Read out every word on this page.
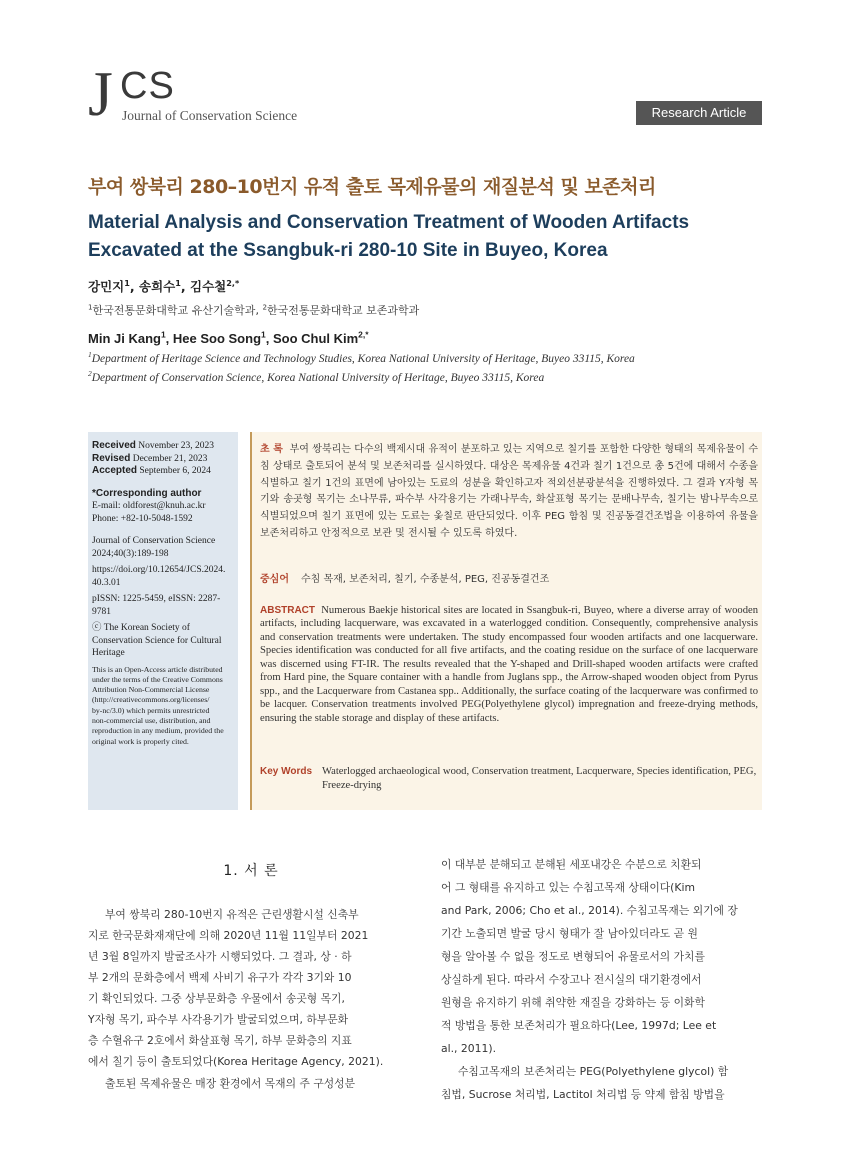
J CS
Journal of Conservation Science	Research Article
부여 쌍북리 280–10번지 유적 출토 목제유물의 재질분석 및 보존처리
Material Analysis and Conservation Treatment of Wooden Artifacts Excavated at the Ssangbuk-ri 280-10 Site in Buyeo, Korea
강민지$^1$, 송희수$^1$, 김수철$^{2,*}$
$^1$한국전통문화대학교 유산기술학과, $^2$한국전통문화대학교 보존과학과
Min Ji Kang$^1$, Hee Soo Song$^1$, Soo Chul Kim$^{2,*}$
$^1$Department of Heritage Science and Technology Studies, Korea National University of Heritage, Buyeo 33115, Korea
$^2$Department of Conservation Science, Korea National University of Heritage, Buyeo 33115, Korea
Received November 23, 2023
Revised December 21, 2023
Accepted September 6, 2024
*Corresponding author
E-mail: oldforest@knuh.ac.kr
Phone: +82-10-5048-1592
Journal of Conservation Science
2024;40(3):189-198
https://doi.org/10.12654/JCS.2024.
40.3.01
pISSN: 1225-5459, eISSN: 2287-9781
ⓒ The Korean Society of
Conservation Science for Cultural
Heritage
This is an Open-Access article distributed
under the terms of the Creative Commons
Attribution Non-Commercial License
(http://creativecommons.org/licenses/
by-nc/3.0) which permits unrestricted
non-commercial use, distribution, and
reproduction in any medium, provided the
original work is properly cited.
초 록 부여 쌍북리는 다수의 백제시대 유적이 분포하고 있는 지역으로 칠기를 포함한 다양한 형태의 목제유물이 수침 상태로 출토되어 분석 및 보존처리를 실시하였다. 대상은 목제유물 4건과 칠기 1건으로 총 5건에 대해서 수종을 식별하고 칠기 1건의 표면에 남아있는 도료의 성분을 확인하고자 적외선분광분석을 진행하였다. 그 결과 Y자형 목기와 송곳형 목기는 소나무류, 파수부 사각용기는 가래나무속, 화살표형 목기는 문배나무속, 칠기는 밤나무속으로 식별되었으며 칠기 표면에 있는 도료는 옻칠로 판단되었다. 이후 PEG 함침 및 진공동결건조법을 이용하여 유물을 보존처리하고 안정적으로 보관 및 전시될 수 있도록 하였다.
중심어 수침 목재, 보존처리, 칠기, 수종분석, PEG, 진공동결건조
ABSTRACT Numerous Baekje historical sites are located in Ssangbuk-ri, Buyeo, where a diverse array of wooden artifacts, including lacquerware, was excavated in a waterlogged condition. Consequently, comprehensive analysis and conservation treatments were undertaken. The study encompassed four wooden artifacts and one lacquerware. Species identification was conducted for all five artifacts, and the coating residue on the surface of one lacquerware was discerned using FT-IR. The results revealed that the Y-shaped and Drill-shaped wooden artifacts were crafted from Hard pine, the Square container with a handle from Juglans spp., the Arrow-shaped wooden object from Pyrus spp., and the Lacquerware from Castanea spp.. Additionally, the surface coating of the lacquerware was confirmed to be lacquer. Conservation treatments involved PEG(Polyethylene glycol) impregnation and freeze-drying methods, ensuring the stable storage and display of these artifacts.
Key Words Waterlogged archaeological wood, Conservation treatment, Lacquerware, Species identification, PEG, Freeze-drying
1. 서 론
부여 쌍북리 280-10번지 유적은 근린생활시설 신축부
지로 한국문화재재단에 의해 2020년 11월 11일부터 2021
년 3월 8일까지 발굴조사가 시행되었다. 그 결과, 상 · 하
부 2개의 문화층에서 백제 사비기 유구가 각각 3기와 10
기 확인되었다. 그중 상부문화층 우물에서 송곳형 목기,
Y자형 목기, 파수부 사각용기가 발굴되었으며, 하부문화
층 수혈유구 2호에서 화살표형 목기, 하부 문화층의 지표
에서 칠기 등이 출토되었다(Korea Heritage Agency, 2021).
출토된 목제유물은 매장 환경에서 목재의 주 구성성분
이 대부분 분해되고 분해된 세포내강은 수분으로 치환되
어 그 형태를 유지하고 있는 수침고목재 상태이다(Kim
and Park, 2006; Cho et al., 2014). 수침고목재는 외기에 장
기간 노출되면 발굴 당시 형태가 잘 남아있더라도 곧 원
형을 알아볼 수 없을 정도로 변형되어 유물로서의 가치를
상실하게 된다. 따라서 수장고나 전시실의 대기환경에서
원형을 유지하기 위해 취약한 재질을 강화하는 등 이화학
적 방법을 통한 보존처리가 필요하다(Lee, 1997d; Lee et
al., 2011).
수침고목재의 보존처리는 PEG(Polyethylene glycol) 함
침법, Sucrose 처리법, Lactitol 처리법 등 약제 함침 방법을
